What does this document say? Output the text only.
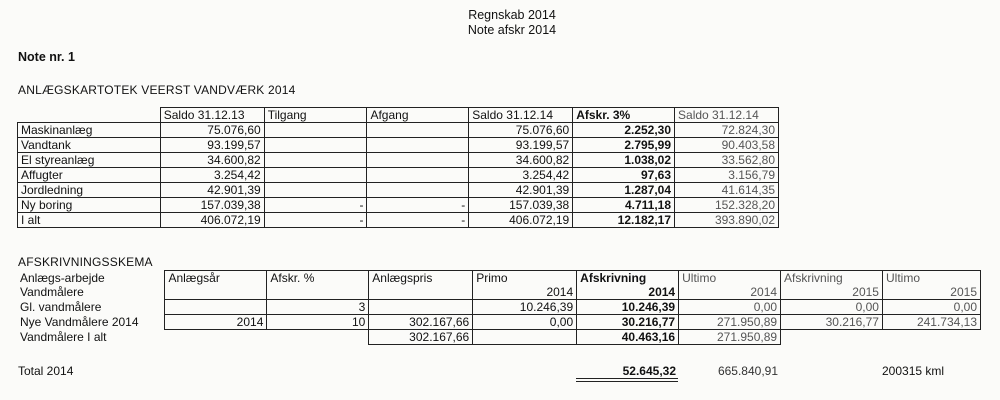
Regnskab 2014
Note afskr 2014
Note nr. 1
ANLÆGSKARTOTEK VEERST VANDVÆRK 2014
	Saldo 31.12.13	Tilgang	Afgang	Saldo 31.12.14	Afskr. 3%	Saldo 31.12.14
Maskinanlæg	75.076,60			75.076,60	2.252,30	72.824,30
Vandtank	93.199,57			93.199,57	2.795,99	90.403,58
El styreanlæg	34.600,82			34.600,82	1.038,02	33.562,80
Affugter	3.254,42			3.254,42	97,63	3.156,79
Jordledning	42.901,39			42.901,39	1.287,04	41.614,35
Ny boring	157.039,38	-	-	157.039,38	4.711,18	152.328,20
I alt	406.072,19	-	-	406.072,19	12.182,17	393.890,02
AFSKRIVNINGSSKEMA
Anlægs-arbejde	Anlægsår	Afskr. %	Anlægspris	Primo	Afskrivning	Ultimo	Afskrivning	Ultimo
Vandmålere				2014	2014	2014	2015	2015
Gl. vandmålere		3		10.246,39	10.246,39	0,00	0,00	0,00
Nye Vandmålere 2014	2014	10	302.167,66	0,00	30.216,77	271.950,89	30.216,77	241.734,13
Vandmålere I alt			302.167,66		40.463,16	271.950,89		
Total 2014	52.645,32	665.840,91	200315 kml
